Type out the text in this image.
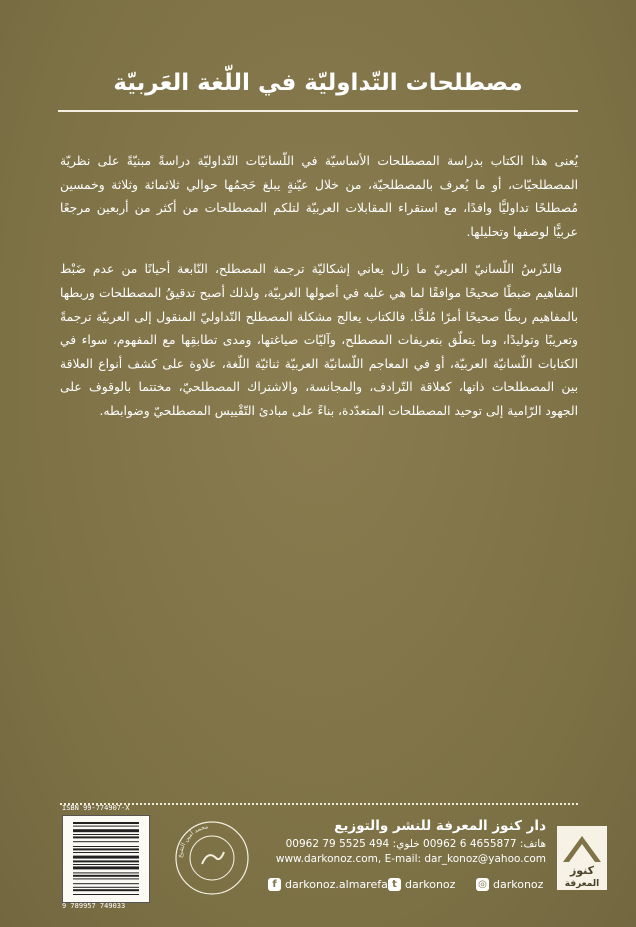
مصطلحات التّداوليّة في اللّغة العَربيّة

يُعنى هذا الكتاب بدراسة المصطلحات الأساسيّة في اللّسانيّات التّداوليّة دراسةً مبنيّةً على نظريّة المصطلحيّات، أو ما يُعرف بالمصطلحيّة، من خلال عيّنةٍ يبلغ حَجمُها حوالي ثلاثمائة وثلاثة وخمسين مُصطلحًا تداوليًّا وافدًا، مع استقراء المقابلات العربيّة لتلكم المصطلحات من أكثر من أربعين مرجعًا عربيًّا لوصفها وتحليلها.

فالدّرسُ اللّسانيّ العربيّ ما زال يعاني إشكاليّة ترجمة المصطلح، النّابعة أحيانًا من عدم ضَبْط المفاهيم ضبطًا صحيحًا موافقًا لما هي عليه في أصولها الغربيّة، ولذلك أصبح تدقيقُ المصطلحات وربطها بالمفاهيم ربطًا صحيحًا أمرًا مُلحًّا. فالكتاب يعالج مشكلة المصطلح التّداوليّ المنقول إلى العربيّة ترجمةً وتعريبًا وتوليدًا، وما يتعلّق بتعريفات المصطلح، وآليّات صياغتها، ومدى تطابقِها مع المفهوم، سواء في الكتابات اللّسانيّة العربيّة، أو في المعاجم اللّسانيّة العربيّة ثنائيّة اللّغة، علاوة على كشف أنواع العلاقة بين المصطلحات ذاتها، كعلاقة التّرادف، والمجانسة، والاشتراك المصطلحيّ، مختتما بالوقوف على الجهود الرّامية إلى توحيد المصطلحات المتعدّدة، بناءً على مبادئ التّقْييس المصطلحيّ وضوابطه.

كنوز
المعرفة
دار كنوز المعرفة للنشر والتوزيع
هاتف: 4655877 6 00962 خلوي: 494 5525 79 00962
www.darkonoz.com, E-mail: dar_konoz@yahoo.com
f darkonoz.almarefa t darkonoz ◎ darkonoz
محمد أمين الشيخ
ISBN 99-774907-X
9 789957 749033
